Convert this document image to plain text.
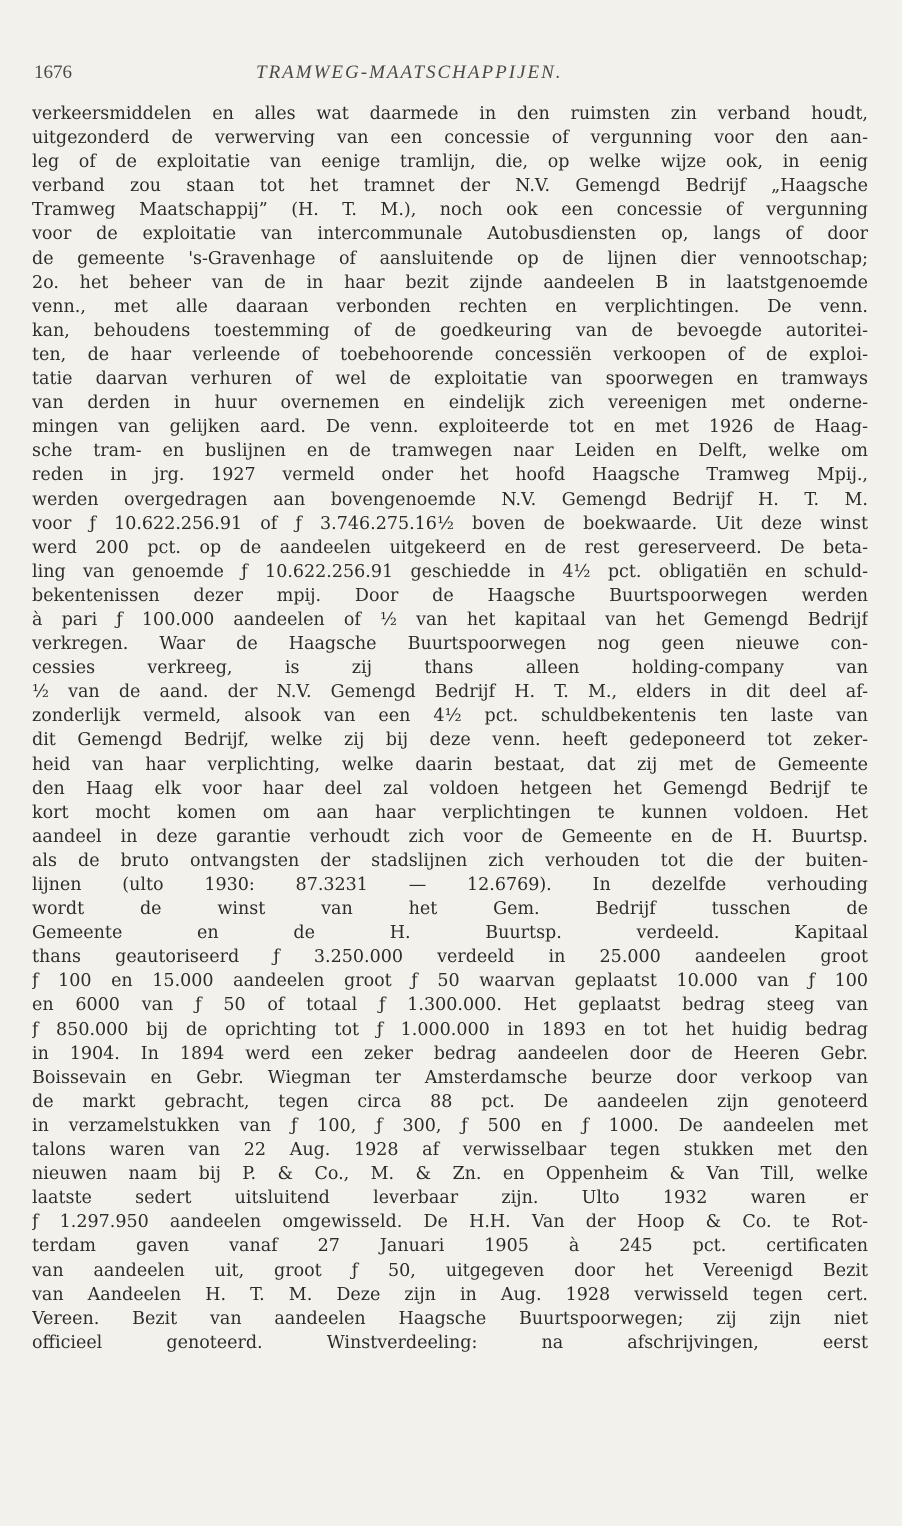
1676	TRAMWEG-MAATSCHAPPIJEN.
verkeersmiddelen en alles wat daarmede in den ruimsten zin verband houdt,
uitgezonderd de verwerving van een concessie of vergunning voor den aan-
leg of de exploitatie van eenige tramlijn, die, op welke wijze ook, in eenig
verband zou staan tot het tramnet der N.V. Gemengd Bedrijf „Haagsche
Tramweg Maatschappij” (H. T. M.), noch ook een concessie of vergunning
voor de exploitatie van intercommunale Autobusdiensten op, langs of door
de gemeente 's-Gravenhage of aansluitende op de lijnen dier vennootschap;
2o. het beheer van de in haar bezit zijnde aandeelen B in laatstgenoemde
venn., met alle daaraan verbonden rechten en verplichtingen. De venn.
kan, behoudens toestemming of de goedkeuring van de bevoegde autoritei-
ten, de haar verleende of toebehoorende concessiën verkoopen of de exploi-
tatie daarvan verhuren of wel de exploitatie van spoorwegen en tramways
van derden in huur overnemen en eindelijk zich vereenigen met onderne-
mingen van gelijken aard. De venn. exploiteerde tot en met 1926 de Haag-
sche tram- en buslijnen en de tramwegen naar Leiden en Delft, welke om
reden in jrg. 1927 vermeld onder het hoofd Haagsche Tramweg Mpij.,
werden overgedragen aan bovengenoemde N.V. Gemengd Bedrijf H. T. M.
voor ƒ 10.622.256.91 of ƒ 3.746.275.16½ boven de boekwaarde. Uit deze winst
werd 200 pct. op de aandeelen uitgekeerd en de rest gereserveerd. De beta-
ling van genoemde ƒ 10.622.256.91 geschiedde in 4½ pct. obligatiën en schuld-
bekentenissen dezer mpij. Door de Haagsche Buurtspoorwegen werden
à pari ƒ 100.000 aandeelen of ½ van het kapitaal van het Gemengd Bedrijf
verkregen. Waar de Haagsche Buurtspoorwegen nog geen nieuwe con-
cessies verkreeg, is zij thans alleen holding-company van
½ van de aand. der N.V. Gemengd Bedrijf H. T. M., elders in dit deel af-
zonderlijk vermeld, alsook van een 4½ pct. schuldbekentenis ten laste van
dit Gemengd Bedrijf, welke zij bij deze venn. heeft gedeponeerd tot zeker-
heid van haar verplichting, welke daarin bestaat, dat zij met de Gemeente
den Haag elk voor haar deel zal voldoen hetgeen het Gemengd Bedrijf te
kort mocht komen om aan haar verplichtingen te kunnen voldoen. Het
aandeel in deze garantie verhoudt zich voor de Gemeente en de H. Buurtsp.
als de bruto ontvangsten der stadslijnen zich verhouden tot die der buiten-
lijnen (ulto 1930: 87.3231 — 12.6769). In dezelfde verhouding
wordt de winst van het Gem. Bedrijf tusschen de
Gemeente en de H. Buurtsp. verdeeld. Kapitaal
thans geautoriseerd ƒ 3.250.000 verdeeld in 25.000 aandeelen groot
ƒ 100 en 15.000 aandeelen groot ƒ 50 waarvan geplaatst 10.000 van ƒ 100
en 6000 van ƒ 50 of totaal ƒ 1.300.000. Het geplaatst bedrag steeg van
ƒ 850.000 bij de oprichting tot ƒ 1.000.000 in 1893 en tot het huidig bedrag
in 1904. In 1894 werd een zeker bedrag aandeelen door de Heeren Gebr.
Boissevain en Gebr. Wiegman ter Amsterdamsche beurze door verkoop van
de markt gebracht, tegen circa 88 pct. De aandeelen zijn genoteerd
in verzamelstukken van ƒ 100, ƒ 300, ƒ 500 en ƒ 1000. De aandeelen met
talons waren van 22 Aug. 1928 af verwisselbaar tegen stukken met den
nieuwen naam bij P. & Co., M. & Zn. en Oppenheim & Van Till, welke
laatste sedert uitsluitend leverbaar zijn. Ulto 1932 waren er
ƒ 1.297.950 aandeelen omgewisseld. De H.H. Van der Hoop & Co. te Rot-
terdam gaven vanaf 27 Januari 1905 à 245 pct. certificaten
van aandeelen uit, groot ƒ 50, uitgegeven door het Vereenigd Bezit
van Aandeelen H. T. M. Deze zijn in Aug. 1928 verwisseld tegen cert.
Vereen. Bezit van aandeelen Haagsche Buurtspoorwegen; zij zijn niet
officieel genoteerd. Winstverdeeling: na afschrijvingen, eerst
